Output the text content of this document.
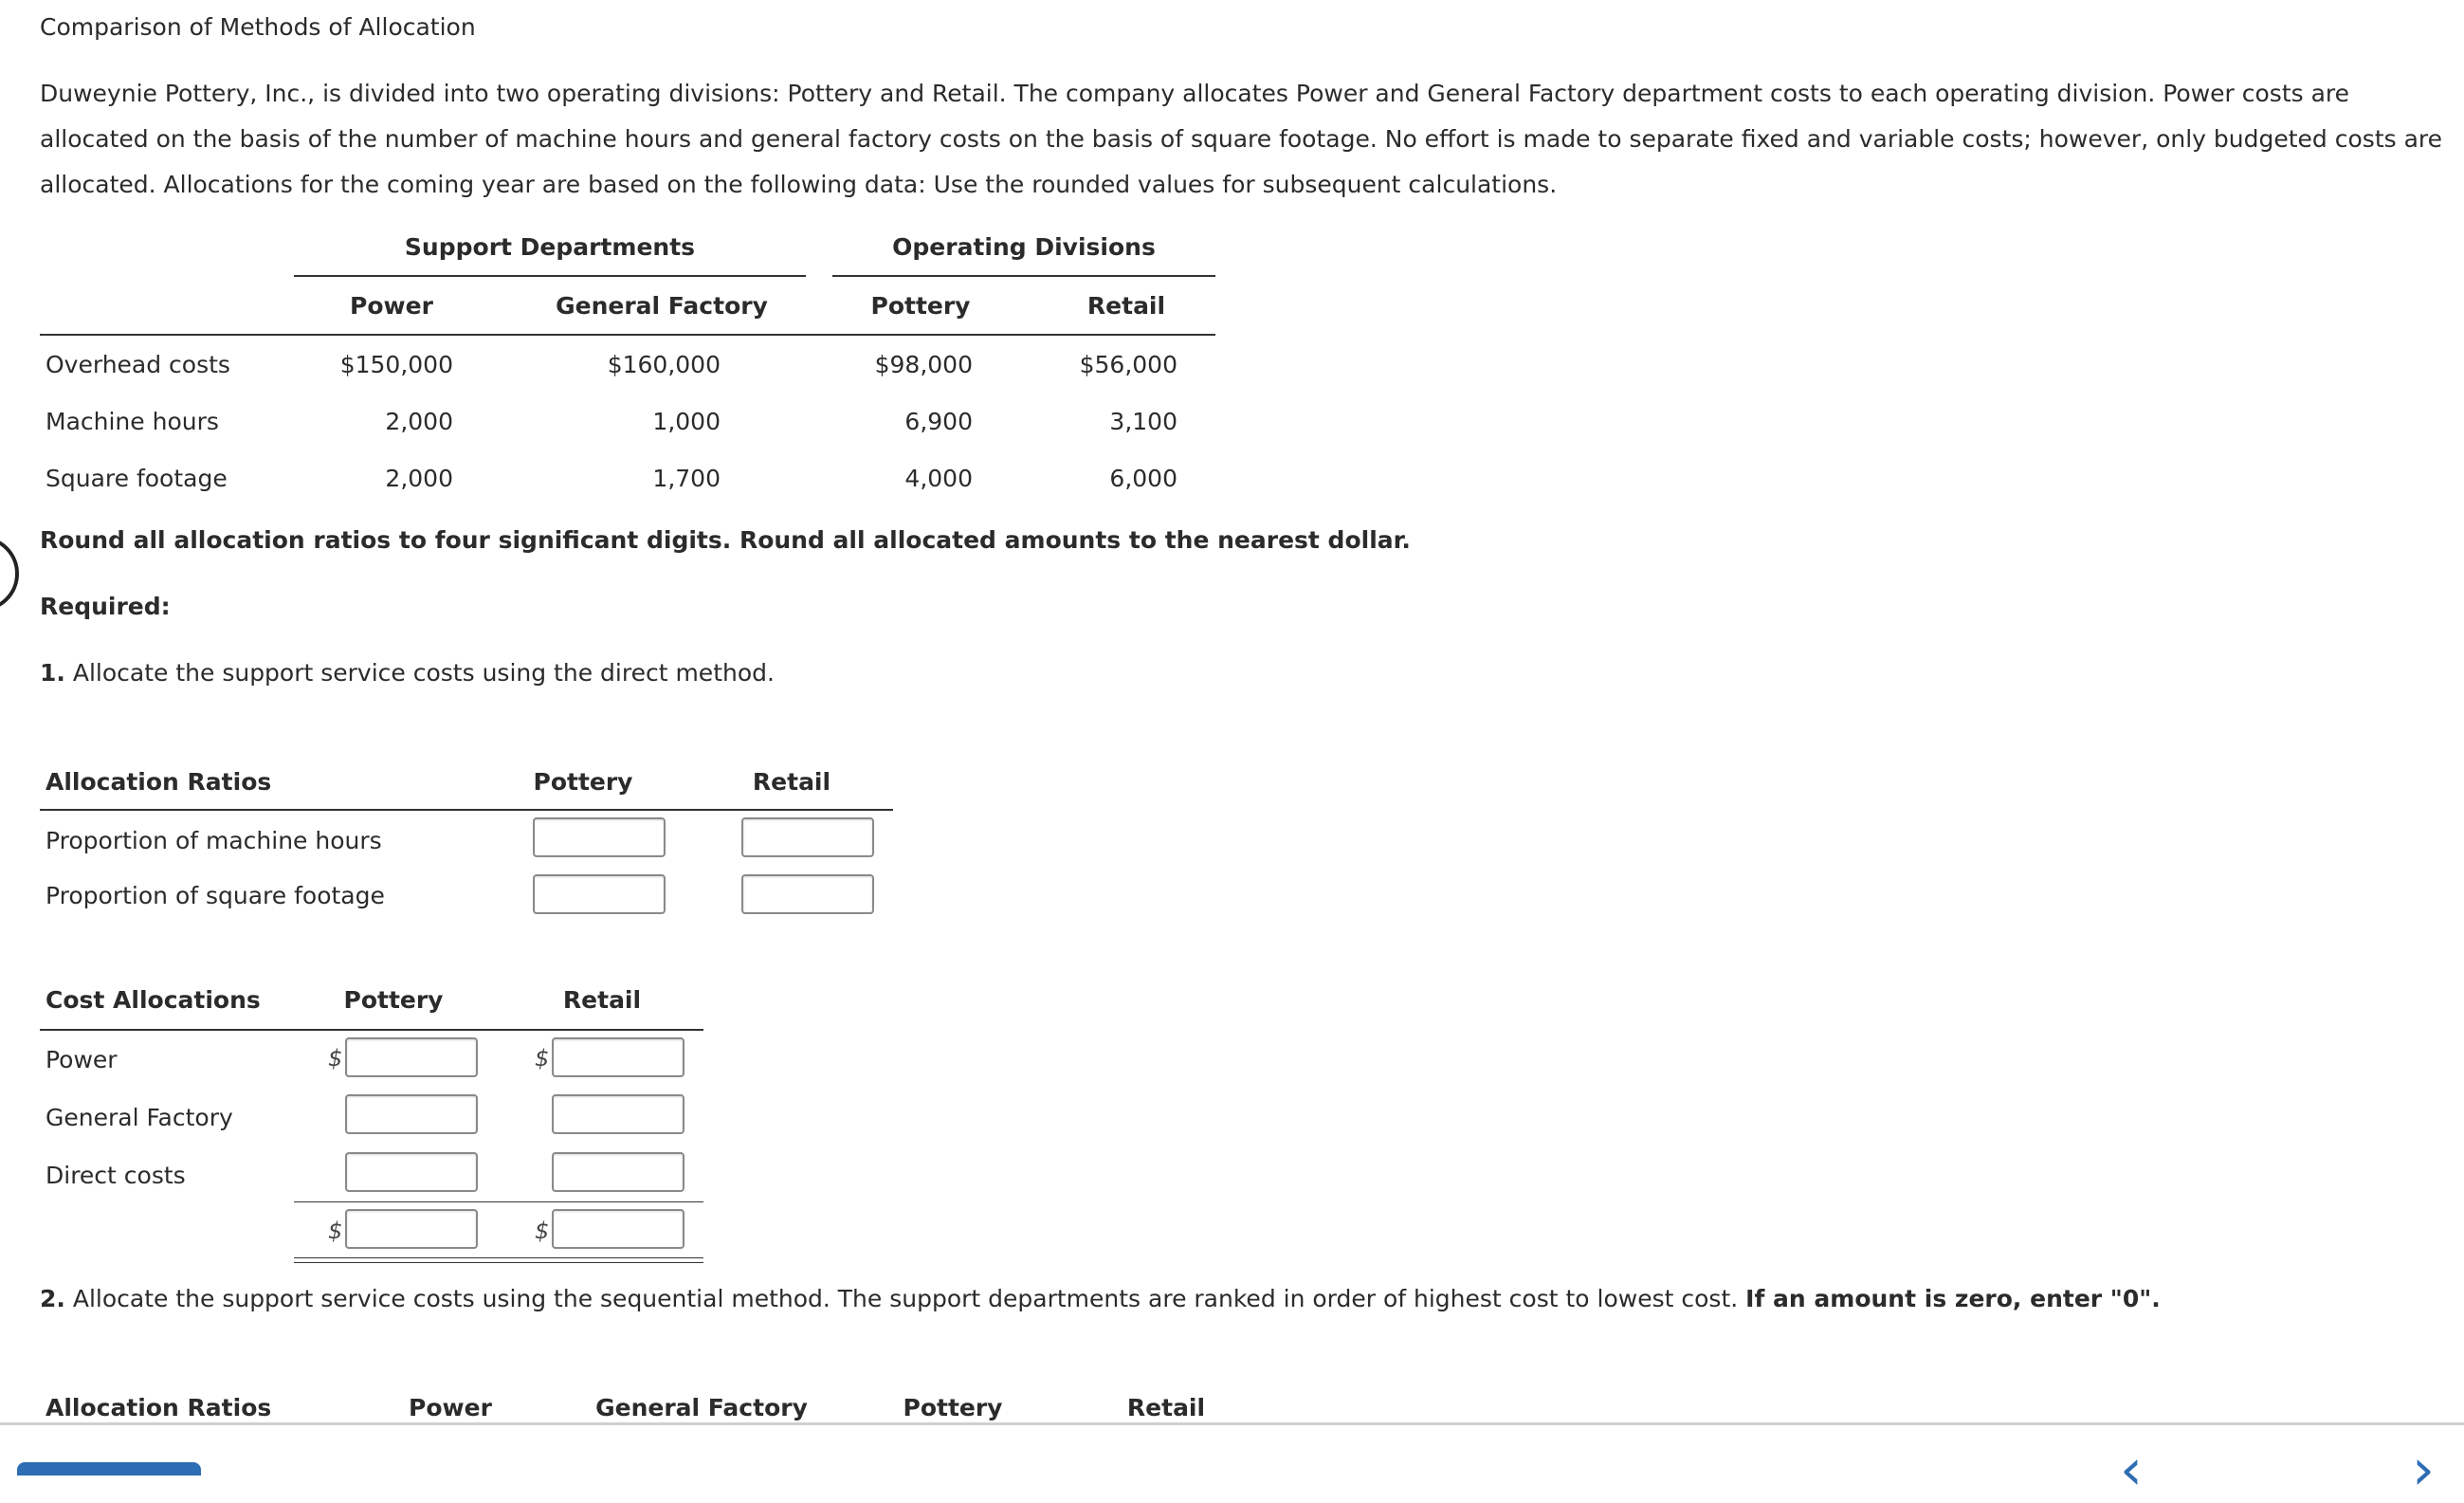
Comparison of Methods of Allocation
Duweynie Pottery, Inc., is divided into two operating divisions: Pottery and Retail. The company allocates Power and General Factory department costs to each operating division. Power costs are allocated on the basis of the number of machine hours and general factory costs on the basis of square footage. No effort is made to separate fixed and variable costs; however, only budgeted costs are allocated. Allocations for the coming year are based on the following data: Use the rounded values for subsequent calculations.
Support Departments	Operating Divisions
Power	General Factory	Pottery	Retail
Overhead costs	$150,000	$160,000	$98,000	$56,000
Machine hours	2,000	1,000	6,900	3,100
Square footage	2,000	1,700	4,000	6,000
Round all allocation ratios to four significant digits. Round all allocated amounts to the nearest dollar.
Required:
1. Allocate the support service costs using the direct method.
Allocation Ratios	Pottery	Retail
Proportion of machine hours
Proportion of square footage
Cost Allocations	Pottery	Retail
Power	$	$
General Factory
Direct costs
$	$
2. Allocate the support service costs using the sequential method. The support departments are ranked in order of highest cost to lowest cost. If an amount is zero, enter "0".
Allocation Ratios	Power	General Factory	Pottery	Retail
‹	›
